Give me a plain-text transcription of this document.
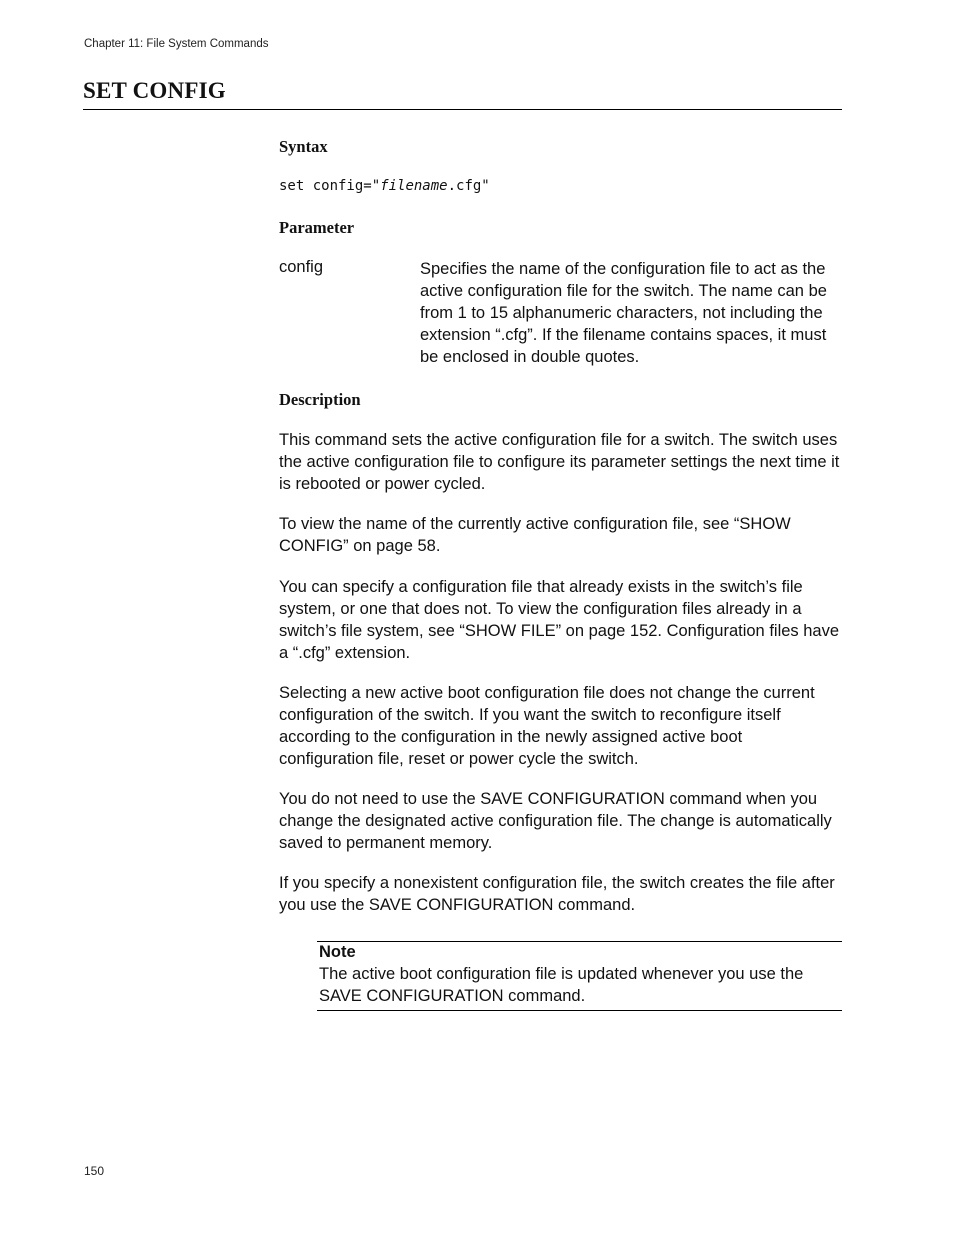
Chapter 11: File System Commands
SET CONFIG
Syntax
set config="filename.cfg"
Parameter
config	Specifies the name of the configuration file to act as the active configuration file for the switch. The name can be from 1 to 15 alphanumeric characters, not including the extension “.cfg”. If the filename contains spaces, it must be enclosed in double quotes.

Description

This command sets the active configuration file for a switch. The switch uses the active configuration file to configure its parameter settings the next time it is rebooted or power cycled.

To view the name of the currently active configuration file, see “SHOW CONFIG” on page 58.

You can specify a configuration file that already exists in the switch’s file system, or one that does not. To view the configuration files already in a switch’s file system, see “SHOW FILE” on page 152. Configuration files have a “.cfg” extension.

Selecting a new active boot configuration file does not change the current configuration of the switch. If you want the switch to reconfigure itself according to the configuration in the newly assigned active boot configuration file, reset or power cycle the switch.

You do not need to use the SAVE CONFIGURATION command when you change the designated active configuration file. The change is automatically saved to permanent memory.

If you specify a nonexistent configuration file, the switch creates the file after you use the SAVE CONFIGURATION command.

Note

The active boot configuration file is updated whenever you use the SAVE CONFIGURATION command.

150
